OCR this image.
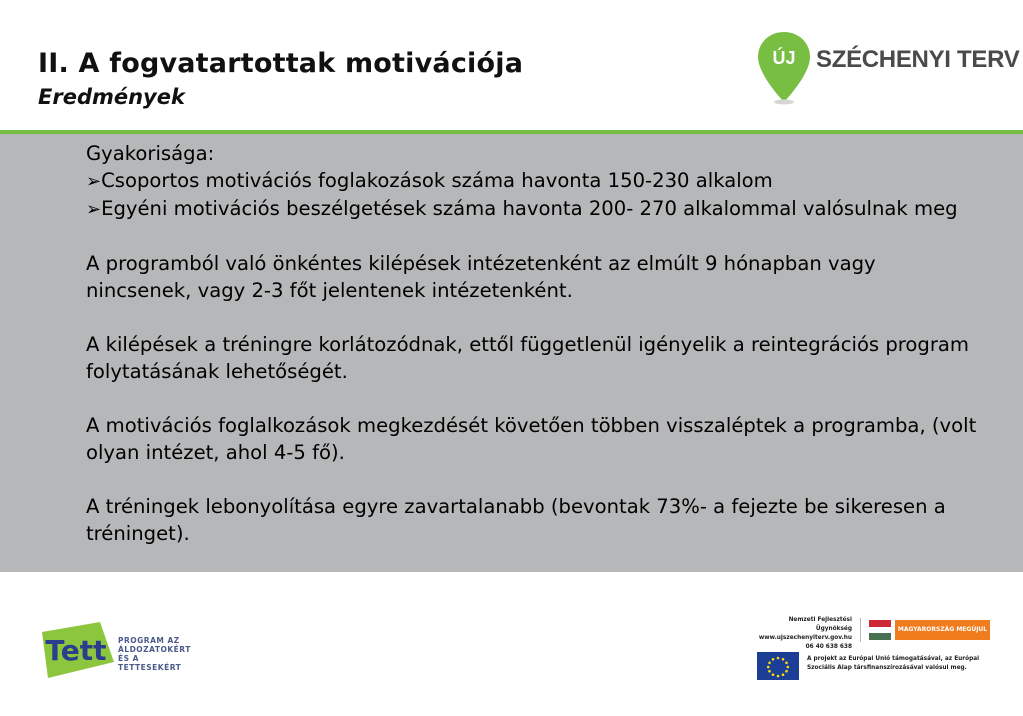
II. A fogvatartottak motivációja
Eredmények
ÚJ SZÉCHENYI TERV

Gyakorisága:

➢Csoportos motivációs foglakozások száma havonta 150-230 alkalom

➢Egyéni motivációs beszélgetések száma havonta 200- 270 alkalommal valósulnak meg

A programból való önkéntes kilépések intézetenként az elmúlt 9 hónapban vagy nincsenek, vagy 2-3 főt jelentenek intézetenként.

A kilépések a tréningre korlátozódnak, ettől függetlenül igényelik a reintegrációs program folytatásának lehetőségét.

A motivációs foglalkozások megkezdését követően többen visszaléptek a programba, (volt olyan intézet, ahol 4-5 fő).

A tréningek lebonyolítása egyre zavartalanabb (bevontak 73%- a fejezte be sikeresen a tréninget).

Tett PROGRAM AZ
ÁLDOZATOKÉRT
ÉS A TETTESEKÉRT
Nemzeti Fejlesztési Ügynökség
www.ujszechenyiterv.gov.hu
06 40 638 638
MAGYARORSZÁG MEGÚJUL
A projekt az Európai Unió támogatásával, az Európai
Szociális Alap társfinanszírozásával valósul meg.
